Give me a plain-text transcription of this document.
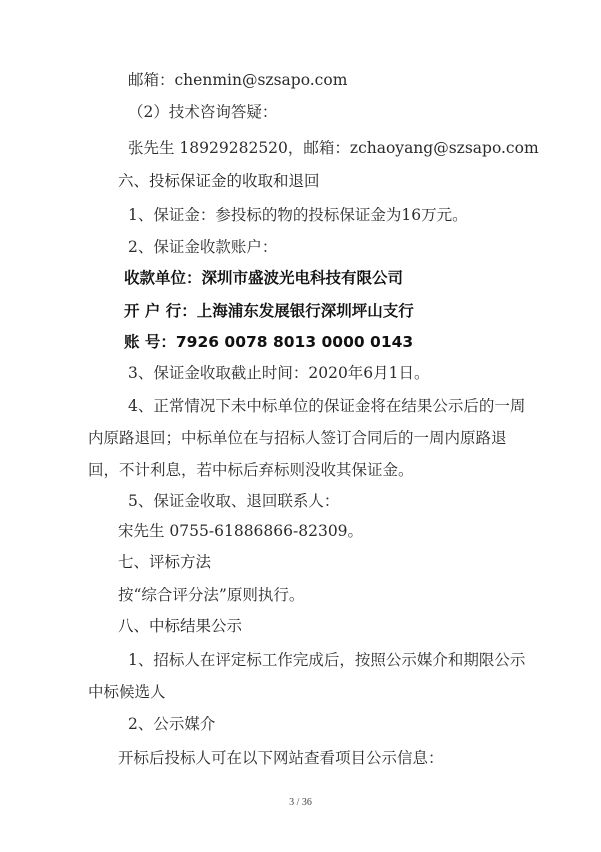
邮箱：chenmin@szsapo.com
（2）技术咨询答疑：
张先生 18929282520，邮箱：zchaoyang@szsapo.com
六、投标保证金的收取和退回
1、保证金：参投标的物的投标保证金为16万元。
2、保证金收款账户：
收款单位：深圳市盛波光电科技有限公司
开 户 行：上海浦东发展银行深圳坪山支行
账 号：7926 0078 8013 0000 0143
3、保证金收取截止时间：2020年6月1日。
4、正常情况下未中标单位的保证金将在结果公示后的一周
内原路退回；中标单位在与招标人签订合同后的一周内原路退
回，不计利息，若中标后弃标则没收其保证金。
5、保证金收取、退回联系人：
宋先生 0755-61886866-82309。
七、评标方法
按“综合评分法”原则执行。
八、中标结果公示
1、招标人在评定标工作完成后，按照公示媒介和期限公示
中标候选人
2、公示媒介
开标后投标人可在以下网站查看项目公示信息：
3 / 36
